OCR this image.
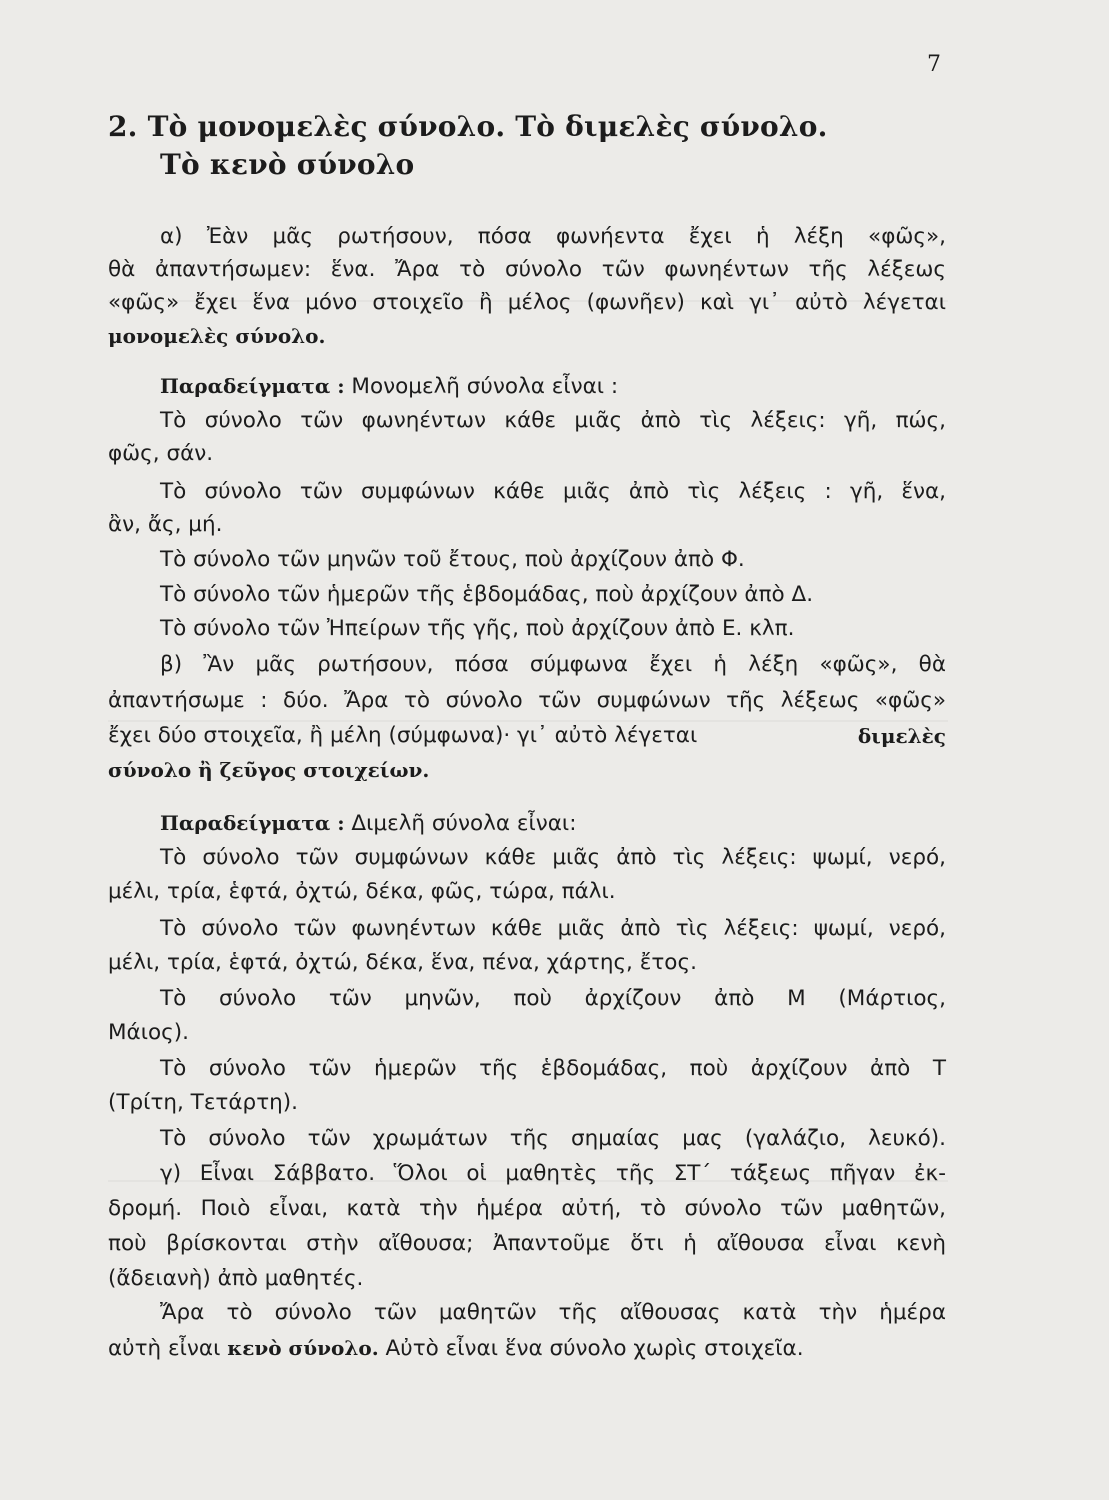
7
2. Τὸ μονομελὲς σύνολο. Τὸ διμελὲς σύνολο.
Τὸ κενὸ σύνολο
α) Ἐὰν μᾶς ρωτήσουν, πόσα φωνήεντα ἔχει ἡ λέξη «φῶς»,
θὰ ἀπαντήσωμεν: ἕνα. Ἄρα τὸ σύνολο τῶν φωνηέντων τῆς λέξεως
«φῶς» ἔχει ἕνα μόνο στοιχεῖο ἢ μέλος (φωνῆεν) καὶ γι᾿ αὐτὸ λέγεται
μονομελὲς σύνολο.
Παραδείγματα : Μονομελῆ σύνολα εἶναι :
Τὸ σύνολο τῶν φωνηέντων κάθε μιᾶς ἀπὸ τὶς λέξεις: γῆ, πώς,
φῶς, σάν.
Τὸ σύνολο τῶν συμφώνων κάθε μιᾶς ἀπὸ τὶς λέξεις : γῆ, ἕνα,
ἂν, ἄς, μή.
Τὸ σύνολο τῶν μηνῶν τοῦ ἔτους, ποὺ ἀρχίζουν ἀπὸ Φ.
Τὸ σύνολο τῶν ἡμερῶν τῆς ἑβδομάδας, ποὺ ἀρχίζουν ἀπὸ Δ.
Τὸ σύνολο τῶν Ἠπείρων τῆς γῆς, ποὺ ἀρχίζουν ἀπὸ Ε. κλπ.
β) Ἂν μᾶς ρωτήσουν, πόσα σύμφωνα ἔχει ἡ λέξη «φῶς», θὰ
ἀπαντήσωμε : δύο. Ἄρα τὸ σύνολο τῶν συμφώνων τῆς λέξεως «φῶς»
ἔχει δύο στοιχεῖα, ἢ μέλη (σύμφωνα)· γι᾿ αὐτὸ λέγεται	διμελὲς
σύνολο ἢ ζεῦγος στοιχείων.
Παραδείγματα : Διμελῆ σύνολα εἶναι:
Τὸ σύνολο τῶν συμφώνων κάθε μιᾶς ἀπὸ τὶς λέξεις: ψωμί, νερό,
μέλι, τρία, ἑφτά, ὀχτώ, δέκα, φῶς, τώρα, πάλι.
Τὸ σύνολο τῶν φωνηέντων κάθε μιᾶς ἀπὸ τὶς λέξεις: ψωμί, νερό,
μέλι, τρία, ἑφτά, ὀχτώ, δέκα, ἕνα, πένα, χάρτης, ἔτος.
Τὸ σύνολο τῶν μηνῶν, ποὺ ἀρχίζουν ἀπὸ Μ (Μάρτιος,
Μάιος).
Τὸ σύνολο τῶν ἡμερῶν τῆς ἑβδομάδας, ποὺ ἀρχίζουν ἀπὸ Τ
(Τρίτη, Τετάρτη).
Τὸ σύνολο τῶν χρωμάτων τῆς σημαίας μας (γαλάζιο, λευκό).
γ) Εἶναι Σάββατο. Ὅλοι οἱ μαθητὲς τῆς ΣΤ΄ τάξεως πῆγαν ἐκ-
δρομή. Ποιὸ εἶναι, κατὰ τὴν ἡμέρα αὐτή, τὸ σύνολο τῶν μαθητῶν,
ποὺ βρίσκονται στὴν αἴθουσα; Ἀπαντοῦμε ὅτι ἡ αἴθουσα εἶναι κενὴ
(ἄδειανὴ) ἀπὸ μαθητές.
Ἄρα τὸ σύνολο τῶν μαθητῶν τῆς αἴθουσας κατὰ τὴν ἡμέρα
αὐτὴ εἶναι κενὸ σύνολο. Αὐτὸ εἶναι ἕνα σύνολο χωρὶς στοιχεῖα.
